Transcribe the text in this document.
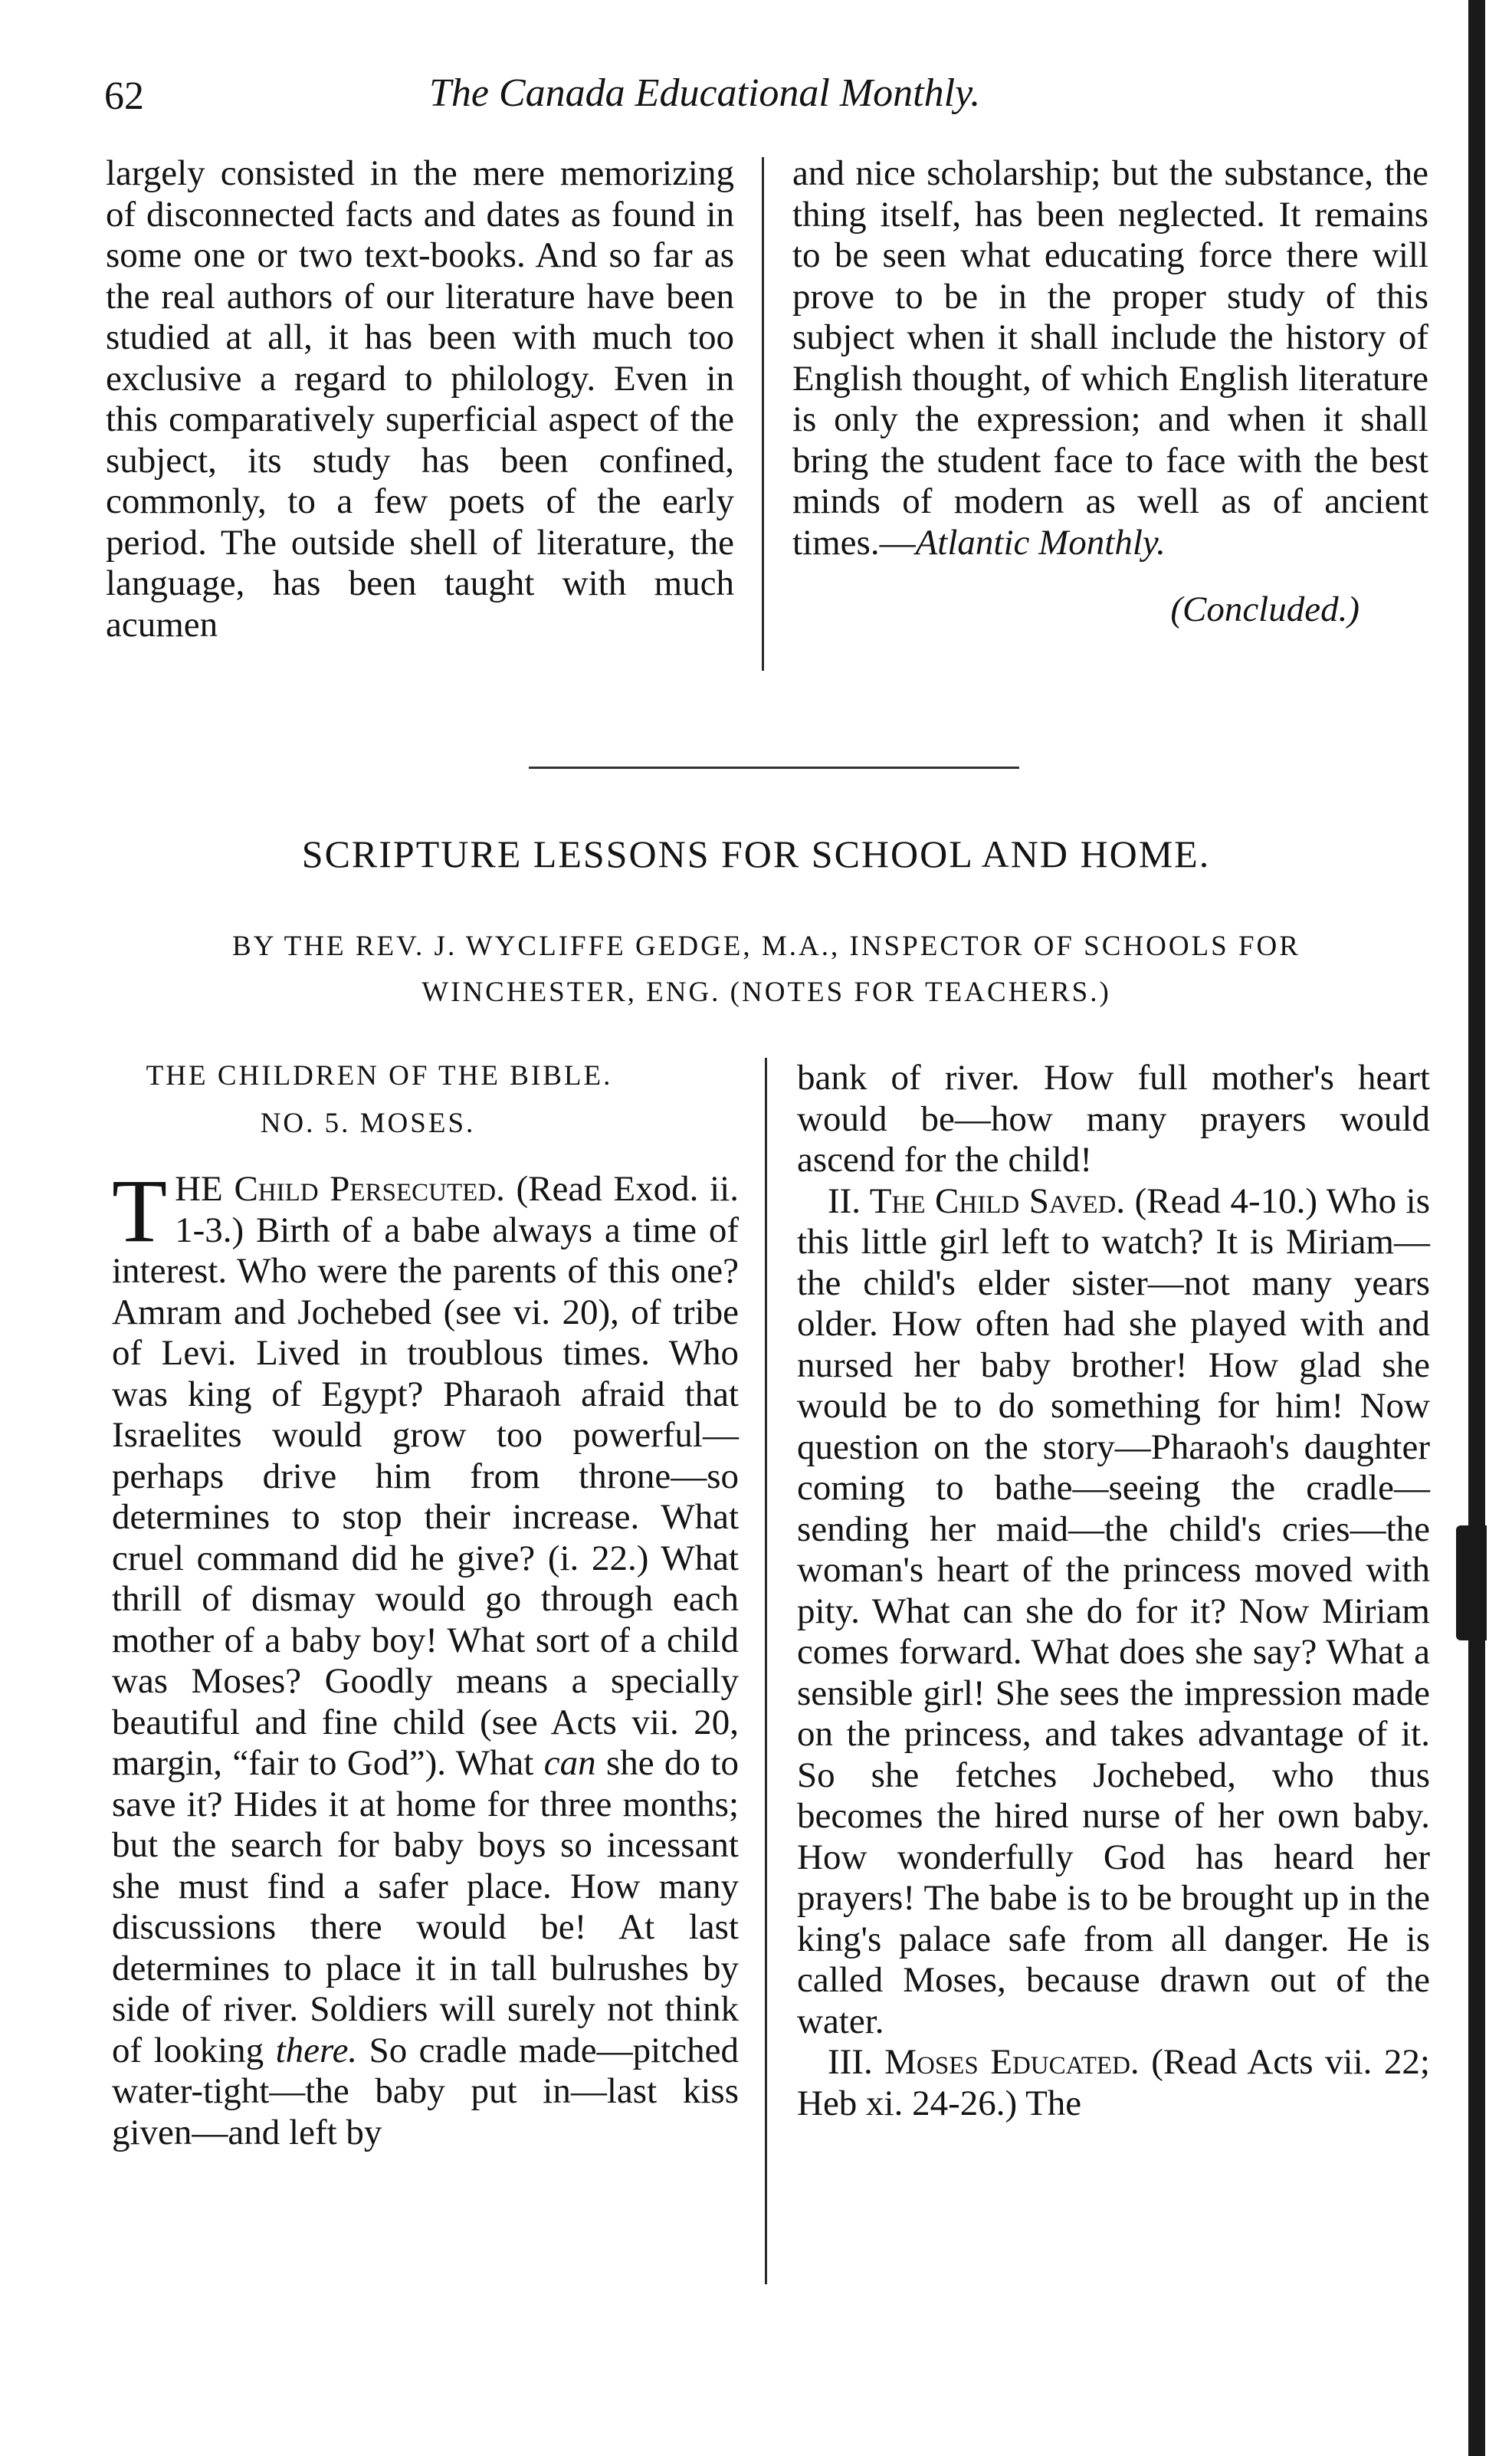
62	The Canada Educational Monthly.

largely consisted in the mere memorizing of disconnected facts and dates as found in some one or two text-books. And so far as the real authors of our literature have been studied at all, it has been with much too exclusive a regard to philology. Even in this comparatively superficial aspect of the subject, its study has been confined, commonly, to a few poets of the early period. The outside shell of literature, the language, has been taught with much acumen

and nice scholarship; but the substance, the thing itself, has been neglected. It remains to be seen what educating force there will prove to be in the proper study of this subject when it shall include the history of English thought, of which English literature is only the expression; and when it shall bring the student face to face with the best minds of modern as well as of ancient times.—Atlantic Monthly.

(Concluded.)

SCRIPTURE LESSONS FOR SCHOOL AND HOME.
BY THE REV. J. WYCLIFFE GEDGE, M.A., INSPECTOR OF SCHOOLS FOR
WINCHESTER, ENG. (NOTES FOR TEACHERS.)

THE CHILDREN OF THE BIBLE.

NO. 5. MOSES.

THE Child Persecuted. (Read Exod. ii. 1-3.) Birth of a babe always a time of interest. Who were the parents of this one? Amram and Jochebed (see vi. 20), of tribe of Levi. Lived in troublous times. Who was king of Egypt? Pharaoh afraid that Israelites would grow too powerful—perhaps drive him from throne—so determines to stop their increase. What cruel command did he give? (i. 22.) What thrill of dismay would go through each mother of a baby boy! What sort of a child was Moses? Goodly means a specially beautiful and fine child (see Acts vii. 20, margin, “fair to God”). What can she do to save it? Hides it at home for three months; but the search for baby boys so incessant she must find a safer place. How many discussions there would be! At last determines to place it in tall bulrushes by side of river. Soldiers will surely not think of looking there. So cradle made—pitched water-tight—the baby put in—last kiss given—and left by

bank of river. How full mother's heart would be—how many prayers would ascend for the child!

II. The Child Saved. (Read 4-10.) Who is this little girl left to watch? It is Miriam—the child's elder sister—not many years older. How often had she played with and nursed her baby brother! How glad she would be to do something for him! Now question on the story—Pharaoh's daughter coming to bathe—seeing the cradle—sending her maid—the child's cries—the woman's heart of the princess moved with pity. What can she do for it? Now Miriam comes forward. What does she say? What a sensible girl! She sees the impression made on the princess, and takes advantage of it. So she fetches Jochebed, who thus becomes the hired nurse of her own baby. How wonderfully God has heard her prayers! The babe is to be brought up in the king's palace safe from all danger. He is called Moses, because drawn out of the water.

III. Moses Educated. (Read Acts vii. 22; Heb xi. 24-26.) The
